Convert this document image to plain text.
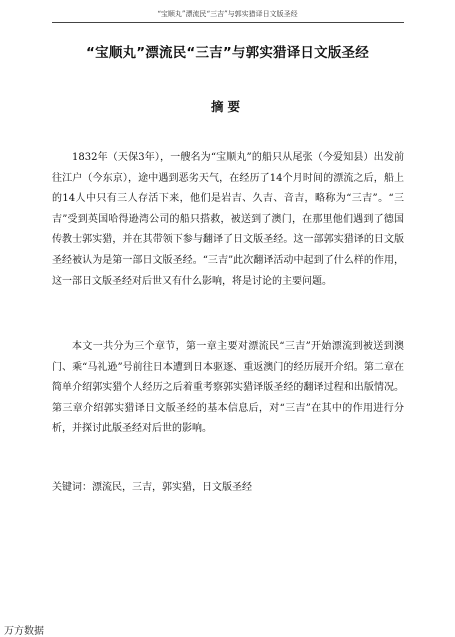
“宝顺丸”漂流民“三吉”与郭实猎译日文版圣经
“宝顺丸”漂流民“三吉”与郭实猎译日文版圣经
摘要

1832年（天保3年），一艘名为“宝顺丸”的船只从尾张（今爱知县）出发前往江户（今东京），途中遇到恶劣天气，在经历了14个月时间的漂流之后，船上的14人中只有三人存活下来，他们是岩吉、久吉、音吉，略称为“三吉”。“三吉”受到英国哈得逊湾公司的船只搭救，被送到了澳门，在那里他们遇到了德国传教士郭实猎，并在其带领下参与翻译了日文版圣经。这一部郭实猎译的日文版圣经被认为是第一部日文版圣经。“三吉”此次翻译活动中起到了什么样的作用，这一部日文版圣经对后世又有什么影响，将是讨论的主要问题。

本文一共分为三个章节，第一章主要对漂流民“三吉”开始漂流到被送到澳门、乘“马礼逊”号前往日本遭到日本驱逐、重返澳门的经历展开介绍。第二章在简单介绍郭实猎个人经历之后着重考察郭实猎译版圣经的翻译过程和出版情况。第三章介绍郭实猎译日文版圣经的基本信息后，对“三吉”在其中的作用进行分析，并探讨此版圣经对后世的影响。

关键词：漂流民，三吉，郭实猎，日文版圣经
万方数据
